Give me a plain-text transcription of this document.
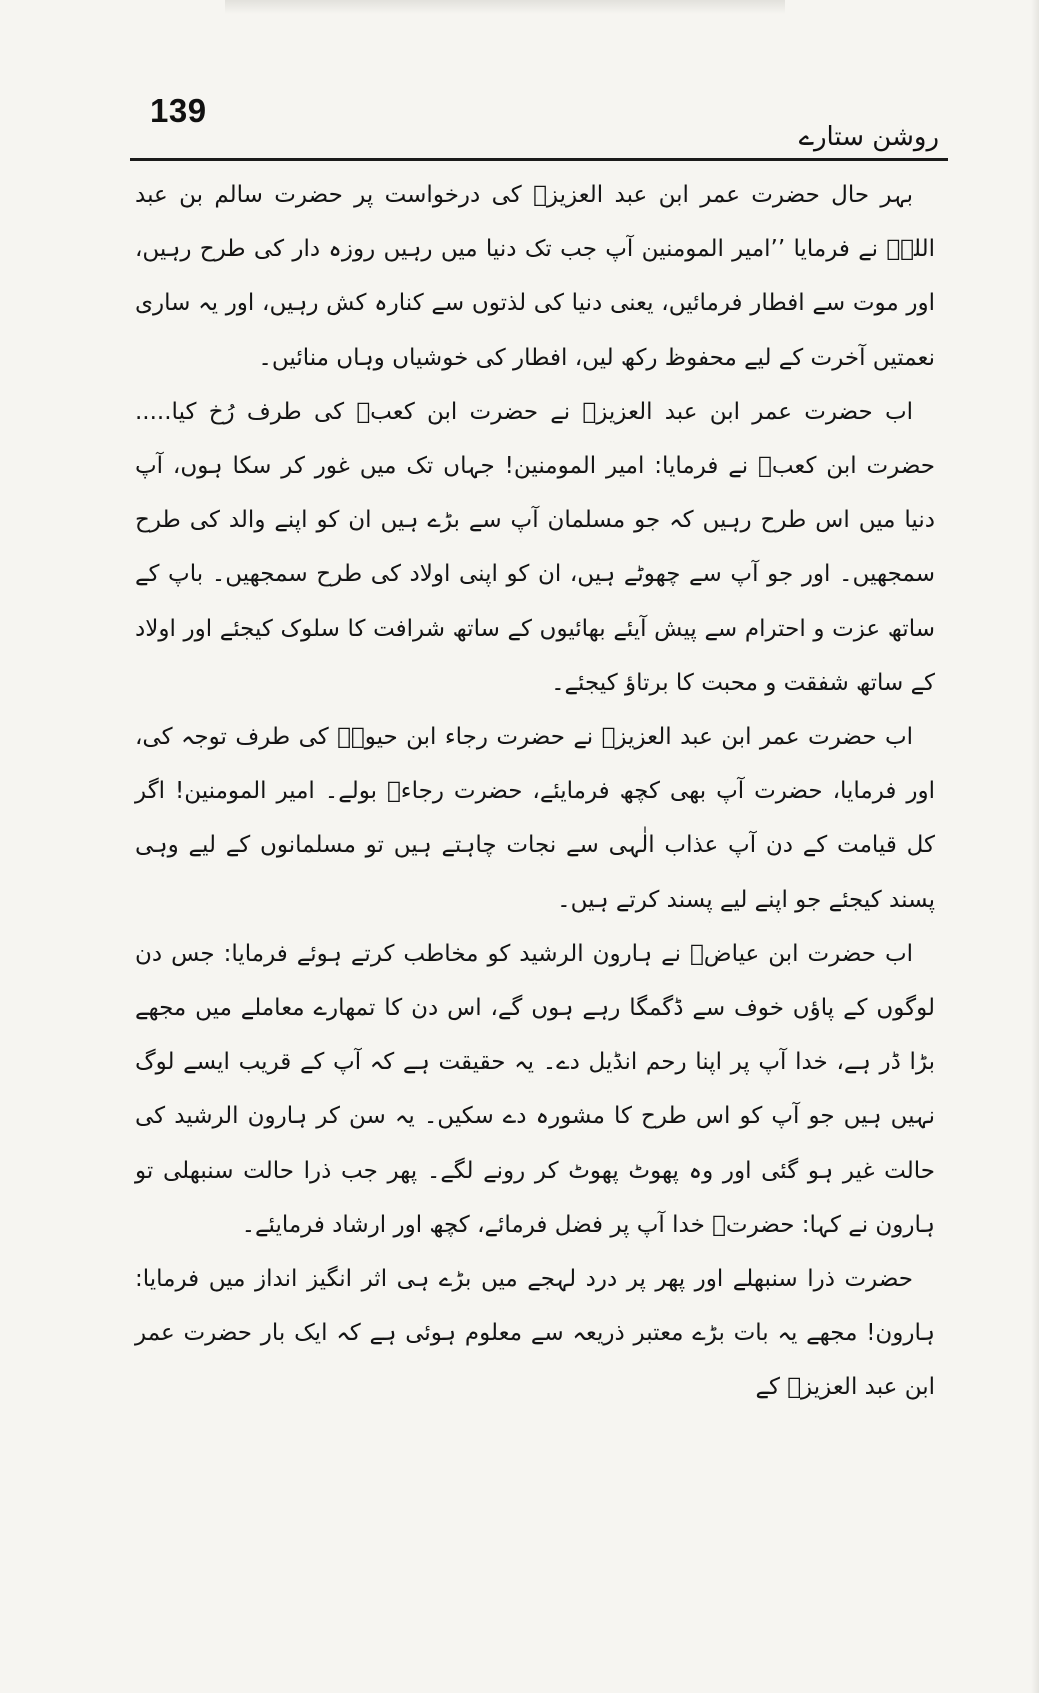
139
روشن ستارے

بہر حال حضرت عمر ابن عبد العزیزؒ کی درخواست پر حضرت سالم بن عبد اللہؒ نے فرمایا ’’امیر المومنین آپ جب تک دنیا میں رہیں روزہ دار کی طرح رہیں، اور موت سے افطار فرمائیں، یعنی دنیا کی لذتوں سے کنارہ کش رہیں، اور یہ ساری نعمتیں آخرت کے لیے محفوظ رکھ لیں، افطار کی خوشیاں وہاں منائیں۔

اب حضرت عمر ابن عبد العزیزؒ نے حضرت ابن کعبؒ کی طرف رُخ کیا..... حضرت ابن کعبؒ نے فرمایا: امیر المومنین! جہاں تک میں غور کر سکا ہوں، آپ دنیا میں اس طرح رہیں کہ جو مسلمان آپ سے بڑے ہیں ان کو اپنے والد کی طرح سمجھیں۔ اور جو آپ سے چھوٹے ہیں، ان کو اپنی اولاد کی طرح سمجھیں۔ باپ کے ساتھ عزت و احترام سے پیش آیئے بھائیوں کے ساتھ شرافت کا سلوک کیجئے اور اولاد کے ساتھ شفقت و محبت کا برتاؤ کیجئے۔

اب حضرت عمر ابن عبد العزیزؒ نے حضرت رجاء ابن حیوۃؒ کی طرف توجہ کی، اور فرمایا، حضرت آپ بھی کچھ فرمایئے، حضرت رجاءؒ بولے۔ امیر المومنین! اگر کل قیامت کے دن آپ عذاب الٰہی سے نجات چاہتے ہیں تو مسلمانوں کے لیے وہی پسند کیجئے جو اپنے لیے پسند کرتے ہیں۔

اب حضرت ابن عیاضؒ نے ہارون الرشید کو مخاطب کرتے ہوئے فرمایا: جس دن لوگوں کے پاؤں خوف سے ڈگمگا رہے ہوں گے، اس دن کا تمھارے معاملے میں مجھے بڑا ڈر ہے، خدا آپ پر اپنا رحم انڈیل دے۔ یہ حقیقت ہے کہ آپ کے قریب ایسے لوگ نہیں ہیں جو آپ کو اس طرح کا مشورہ دے سکیں۔ یہ سن کر ہارون الرشید کی حالت غیر ہو گئی اور وہ پھوٹ پھوٹ کر رونے لگے۔ پھر جب ذرا حالت سنبھلی تو ہارون نے کہا: حضرتؒ خدا آپ پر فضل فرمائے، کچھ اور ارشاد فرمایئے۔

حضرت ذرا سنبھلے اور پھر پر درد لہجے میں بڑے ہی اثر انگیز انداز میں فرمایا: ہارون! مجھے یہ بات بڑے معتبر ذریعہ سے معلوم ہوئی ہے کہ ایک بار حضرت عمر ابن عبد العزیزؒ کے
